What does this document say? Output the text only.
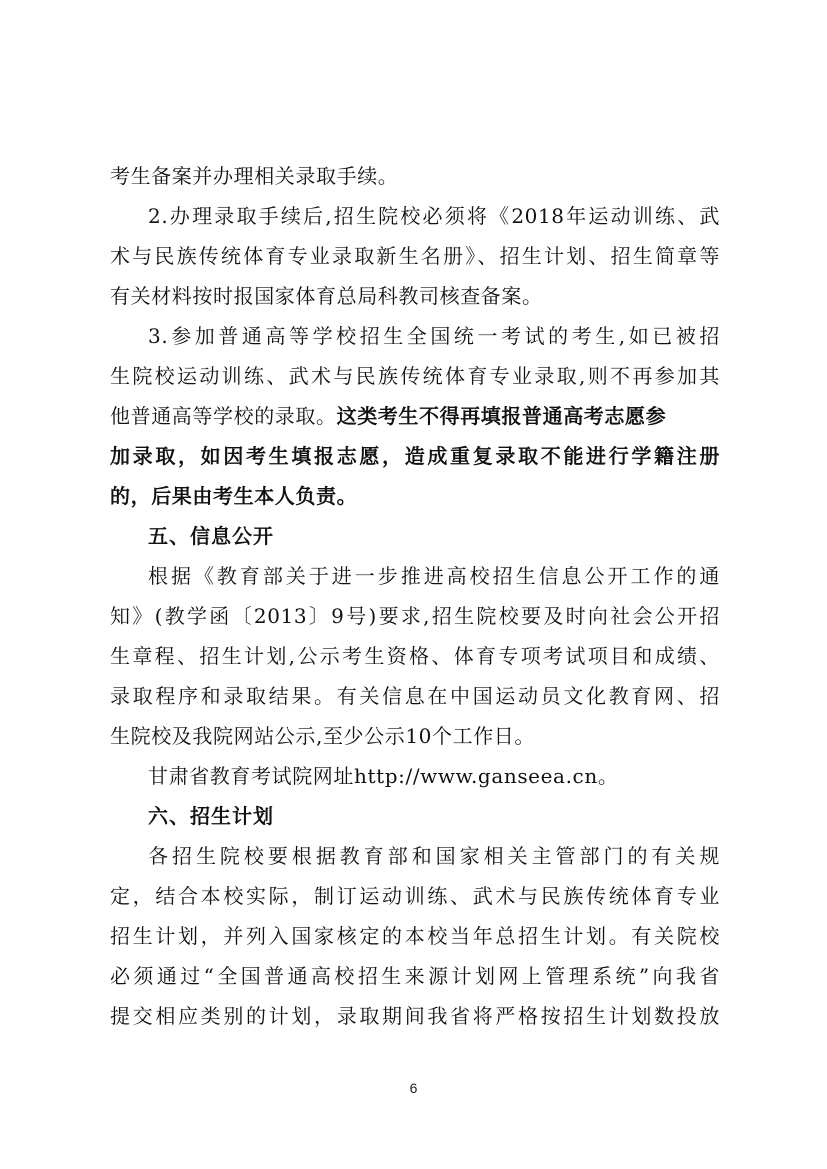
考生备案并办理相关录取手续。
2.办理录取手续后,招生院校必须将《2018年运动训练、武
术与民族传统体育专业录取新生名册》、招生计划、招生简章等
有关材料按时报国家体育总局科教司核查备案。
3.参加普通高等学校招生全国统一考试的考生,如已被招
生院校运动训练、武术与民族传统体育专业录取,则不再参加其
他普通高等学校的录取。这类考生不得再填报普通高考志愿参
加录取，如因考生填报志愿，造成重复录取不能进行学籍注册
的，后果由考生本人负责。
五、信息公开
根据《教育部关于进一步推进高校招生信息公开工作的通
知》(教学函〔2013〕9号)要求,招生院校要及时向社会公开招
生章程、招生计划,公示考生资格、体育专项考试项目和成绩、
录取程序和录取结果。有关信息在中国运动员文化教育网、招
生院校及我院网站公示,至少公示10个工作日。
甘肃省教育考试院网址http://www.ganseea.cn。
六、招生计划
各招生院校要根据教育部和国家相关主管部门的有关规
定，结合本校实际，制订运动训练、武术与民族传统体育专业
招生计划，并列入国家核定的本校当年总招生计划。有关院校
必须通过“全国普通高校招生来源计划网上管理系统”向我省
提交相应类别的计划，录取期间我省将严格按招生计划数投放
6
